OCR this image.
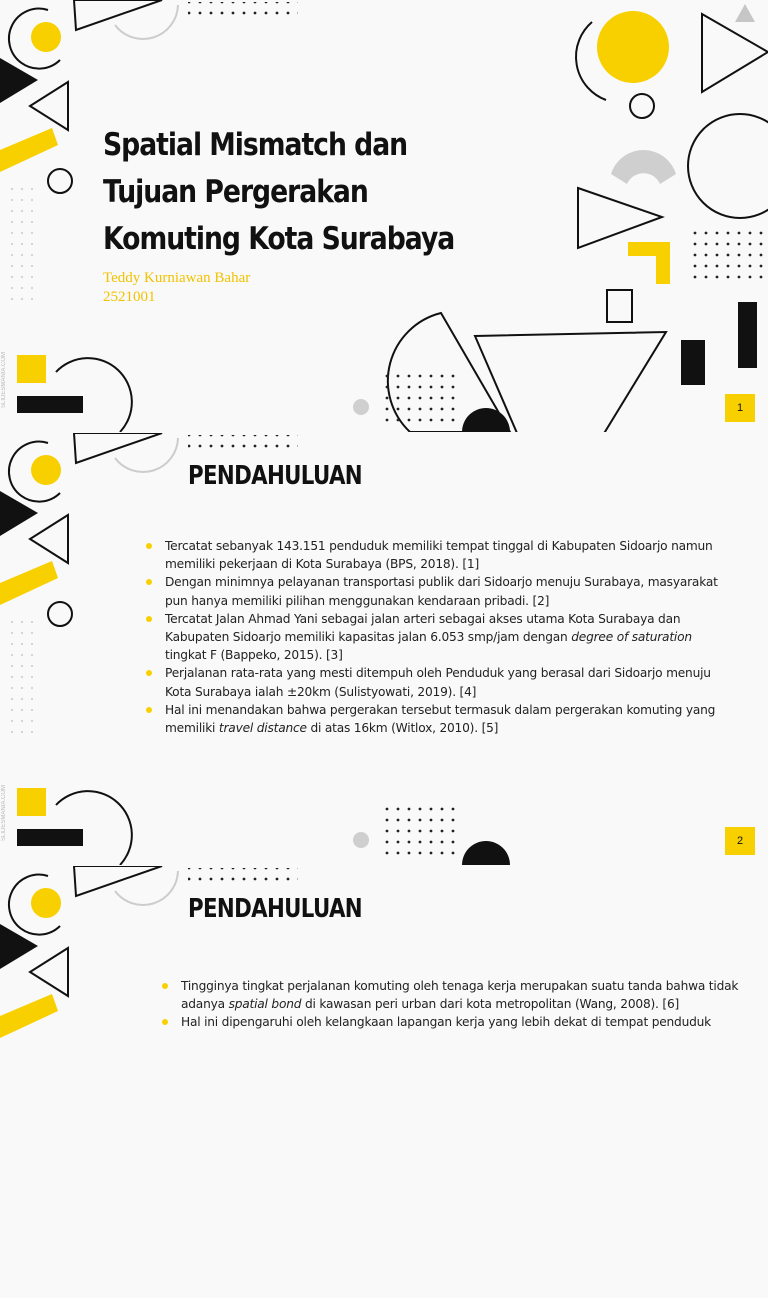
Spatial Mismatch dan Tujuan Pergerakan Komuting Kota Surabaya
Teddy Kurniawan Bahar
2521001
1
SLIDESMANIA.COM
PENDAHULUAN
Tercatat sebanyak 143.151 penduduk memiliki tempat tinggal di Kabupaten Sidoarjo namun memiliki pekerjaan di Kota Surabaya (BPS, 2018). [1]
Dengan minimnya pelayanan transportasi publik dari Sidoarjo menuju Surabaya, masyarakat pun hanya memiliki pilihan menggunakan kendaraan pribadi. [2]
Tercatat Jalan Ahmad Yani sebagai jalan arteri sebagai akses utama Kota Surabaya dan Kabupaten Sidoarjo memiliki kapasitas jalan 6.053 smp/jam dengan degree of saturation tingkat F (Bappeko, 2015). [3]
Perjalanan rata-rata yang mesti ditempuh oleh Penduduk yang berasal dari Sidoarjo menuju Kota Surabaya ialah ±20km (Sulistyowati, 2019). [4]
Hal ini menandakan bahwa pergerakan tersebut termasuk dalam pergerakan komuting yang memiliki travel distance di atas 16km (Witlox, 2010). [5]
2
SLIDESMANIA.COM
PENDAHULUAN
Tingginya tingkat perjalanan komuting oleh tenaga kerja merupakan suatu tanda bahwa tidak adanya spatial bond di kawasan peri urban dari kota metropolitan (Wang, 2008). [6]
Hal ini dipengaruhi oleh kelangkaan lapangan kerja yang lebih dekat di tempat penduduk
